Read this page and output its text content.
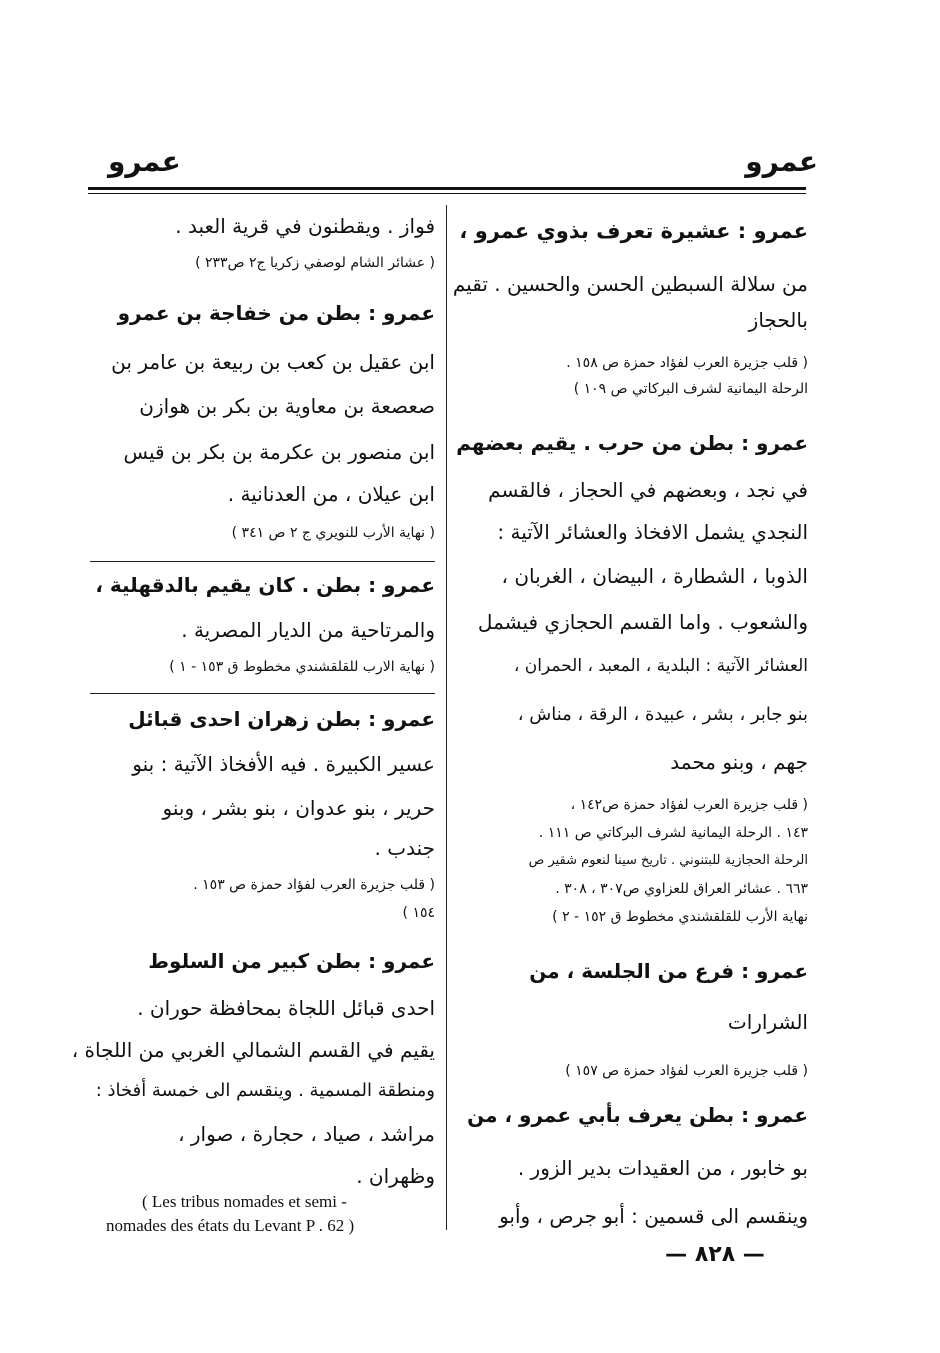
عمرو
عمرو
عمرو : عشيرة تعرف بذوي عمرو ،
من سلالة السبطين الحسن والحسين . تقيم
بالحجاز
( قلب جزيرة العرب لفؤاد حمزة ص ١٥٨ .
الرحلة اليمانية لشرف البركاتي ص ١٠٩ )
عمرو : بطن من حرب . يقيم بعضهم
في نجد ، وبعضهم في الحجاز ، فالقسم
النجدي يشمل الافخاذ والعشائر الآتية :
الذوبا ، الشطارة ، البيضان ، الغربان ،
والشعوب . واما القسم الحجازي فيشمل
العشائر الآتية : البلدية ، المعبد ، الحمران ،
بنو جابر ، بشر ، عبيدة ، الرقة ، مناش ،
جهم ، وبنو محمد
( قلب جزيرة العرب لفؤاد حمزة ص١٤٢ ،
١٤٣ . الرحلة اليمانية لشرف البركاتي ص ١١١ .
الرحلة الحجازية للبتنوني . تاريخ سينا لنعوم شقير ص
٦٦٣ . عشائر العراق للعزاوي ص٣٠٧ ، ٣٠٨ .
نهاية الأرب للقلقشندي مخطوط ق ١٥٢ - ٢ )
عمرو : فرع من الجلسة ، من
الشرارات
( قلب جزيرة العرب لفؤاد حمزة ص ١٥٧ )
عمرو : بطن يعرف بأبي عمرو ، من
بو خابور ، من العقيدات بدير الزور .
وينقسم الى قسمين : أبو جرص ، وأبو
فواز . ويقطنون في قرية العبد .
( عشائر الشام لوصفي زكريا ج٢ ص٢٣٣ )
عمرو : بطن من خفاجة بن عمرو
ابن عقيل بن كعب بن ربيعة بن عامر بن
صعصعة بن معاوية بن بكر بن هوازن
ابن منصور بن عكرمة بن بكر بن قيس
ابن عيلان ، من العدنانية .
( نهاية الأرب للنويري ج ٢ ص ٣٤١ )
عمرو : بطن . كان يقيم بالدقهلية ،
والمرتاحية من الديار المصرية .
( نهاية الارب للقلقشندي مخطوط ق ١٥٣ - ١ )
عمرو : بطن زهران احدى قبائل
عسير الكبيرة . فيه الأفخاذ الآتية : بنو
حرير ، بنو عدوان ، بنو بشر ، وبنو
جندب .
( قلب جزيرة العرب لفؤاد حمزة ص ١٥٣ .
١٥٤ )
عمرو : بطن كبير من السلوط
احدى قبائل اللجاة بمحافظة حوران .
يقيم في القسم الشمالي الغربي من اللجاة ،
ومنطقة المسمية . وينقسم الى خمسة أفخاذ :
مراشد ، صياد ، حجارة ، صوار ،
وظهران .
( Les tribus nomades et semi -
nomades des états du Levant P . 62 )
— ٨٢٨ —
